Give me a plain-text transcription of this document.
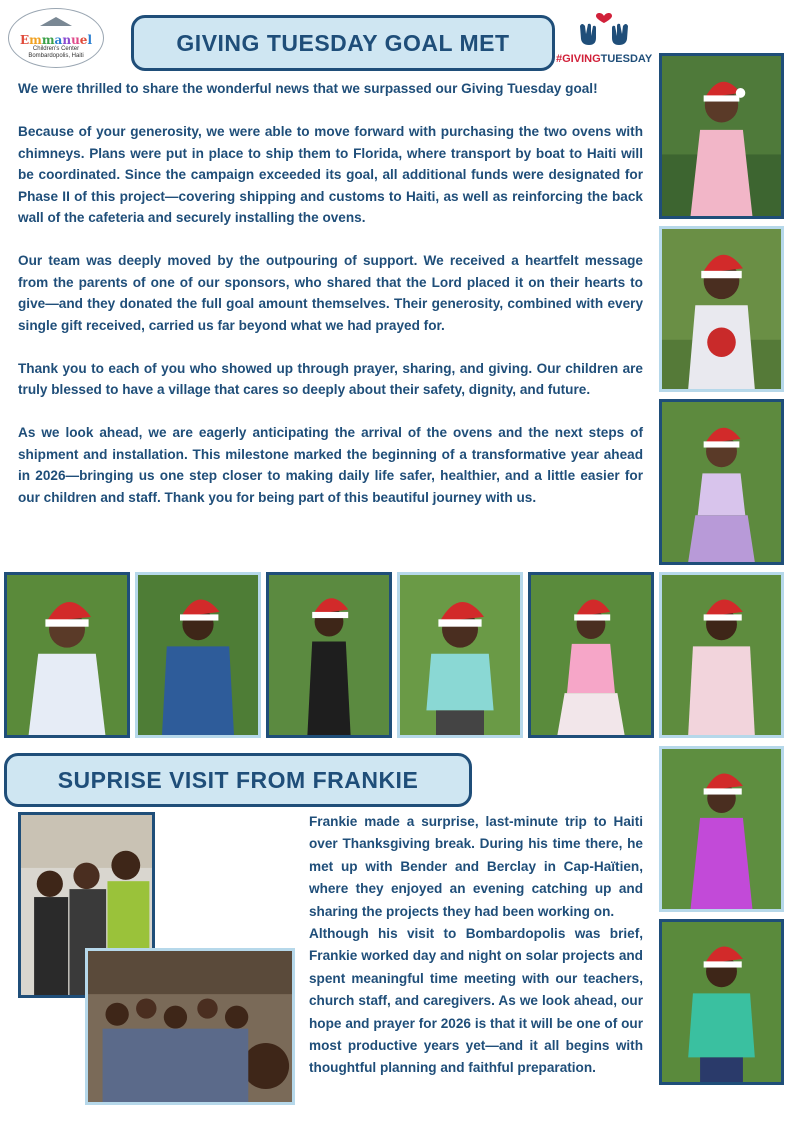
Emmanuel
Children's Center
Bombardopolis, Haiti	GIVING TUESDAY GOAL MET
#GIVINGTUESDAY

We were thrilled to share the wonderful news that we surpassed our Giving Tuesday goal!

Because of your generosity, we were able to move forward with purchasing the two ovens with chimneys. Plans were put in place to ship them to Florida, where transport by boat to Haiti will be coordinated. Since the campaign exceeded its goal, all additional funds were designated for Phase II of this project—covering shipping and customs to Haiti, as well as reinforcing the back wall of the cafeteria and securely installing the ovens.

Our team was deeply moved by the outpouring of support. We received a heartfelt message from the parents of one of our sponsors, who shared that the Lord placed it on their hearts to give—and they donated the full goal amount themselves. Their generosity, combined with every single gift received, carried us far beyond what we had prayed for.

Thank you to each of you who showed up through prayer, sharing, and giving. Our children are truly blessed to have a village that cares so deeply about their safety, dignity, and future.

As we look ahead, we are eagerly anticipating the arrival of the ovens and the next steps of shipment and installation. This milestone marked the beginning of a transformative year ahead in 2026—bringing us one step closer to making daily life safer, healthier, and a little easier for our children and staff. Thank you for being part of this beautiful journey with us.

SUPRISE VISIT FROM FRANKIE

Frankie made a surprise, last-minute trip to Haiti over Thanksgiving break. During his time there, he met up with Bender and Berclay in Cap-Haïtien, where they enjoyed an evening catching up and sharing the projects they had been working on.

Although his visit to Bombardopolis was brief, Frankie worked day and night on solar projects and spent meaningful time meeting with our teachers, church staff, and caregivers. As we look ahead, our hope and prayer for 2026 is that it will be one of our most productive years yet—and it all begins with thoughtful planning and faithful preparation.
